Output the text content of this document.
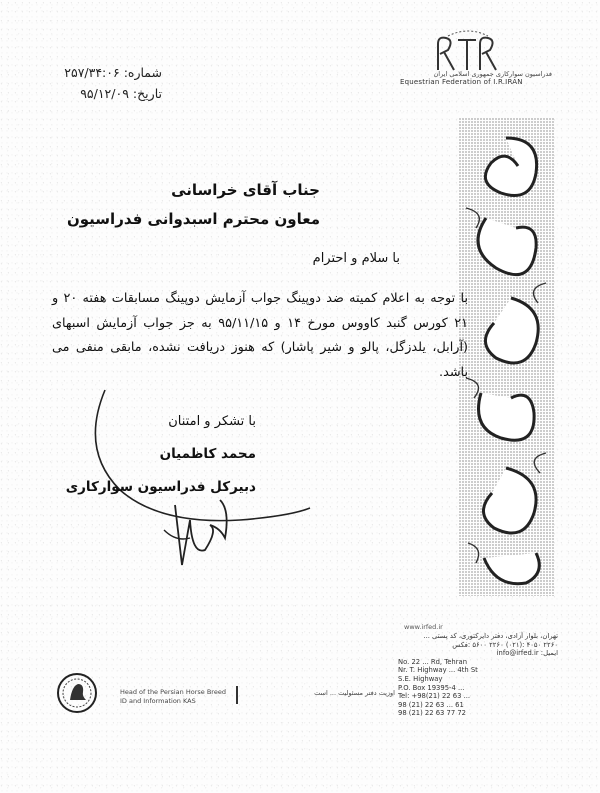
فدراسیون سوارکاری جمهوری اسلامی ایران
Equestrian Federation of I.R.IRAN
شماره: ۲۵۷/۳۴:۰۶
تاریخ: ۹۵/۱۲/۰۹
www.irfed.ir
تهران، بلوار آزادی، دفتر دایرکتوری، کد پستی ...
۲۲۶۰ ۴۰۵۰ :(۰۲۱) ۲۲۶۰ ۵۶۰۰ :فکس
ایمیل: info@irfed.ir
No. 22 ... Rd, Tehran
Nr. T. Highway ... 4th St
S.E. Highway
P.O. Box 19395-4 ...
Tel: +98(21) 22 63 ...
98 (21) 22 63 ... 61
98 (21) 22 63 77 72
جناب آقای خراسانی
معاون محترم اسبدوانی فدراسیون
با سلام و احترام
با توجه به اعلام کمیته ضد دوپینگ جواب آزمایش دوپینگ مسابقات هفته ۲۰ و ۲۱ کورس گنبد کاووس مورخ ۱۴ و ۹۵/۱۱/۱۵ به جز جواب آزمایش اسبهای (آرابل، یلدزگل، پالو و شیر پاشار) که هنوز دریافت نشده، مابقی منفی می باشد.
با تشکر و امتنان
محمد کاظمیان
دبیرکل فدراسیون سوارکاری
Head of the Persian Horse Breed
ID and Information KAS
اوزیت دفتر مسئولیت ... است
